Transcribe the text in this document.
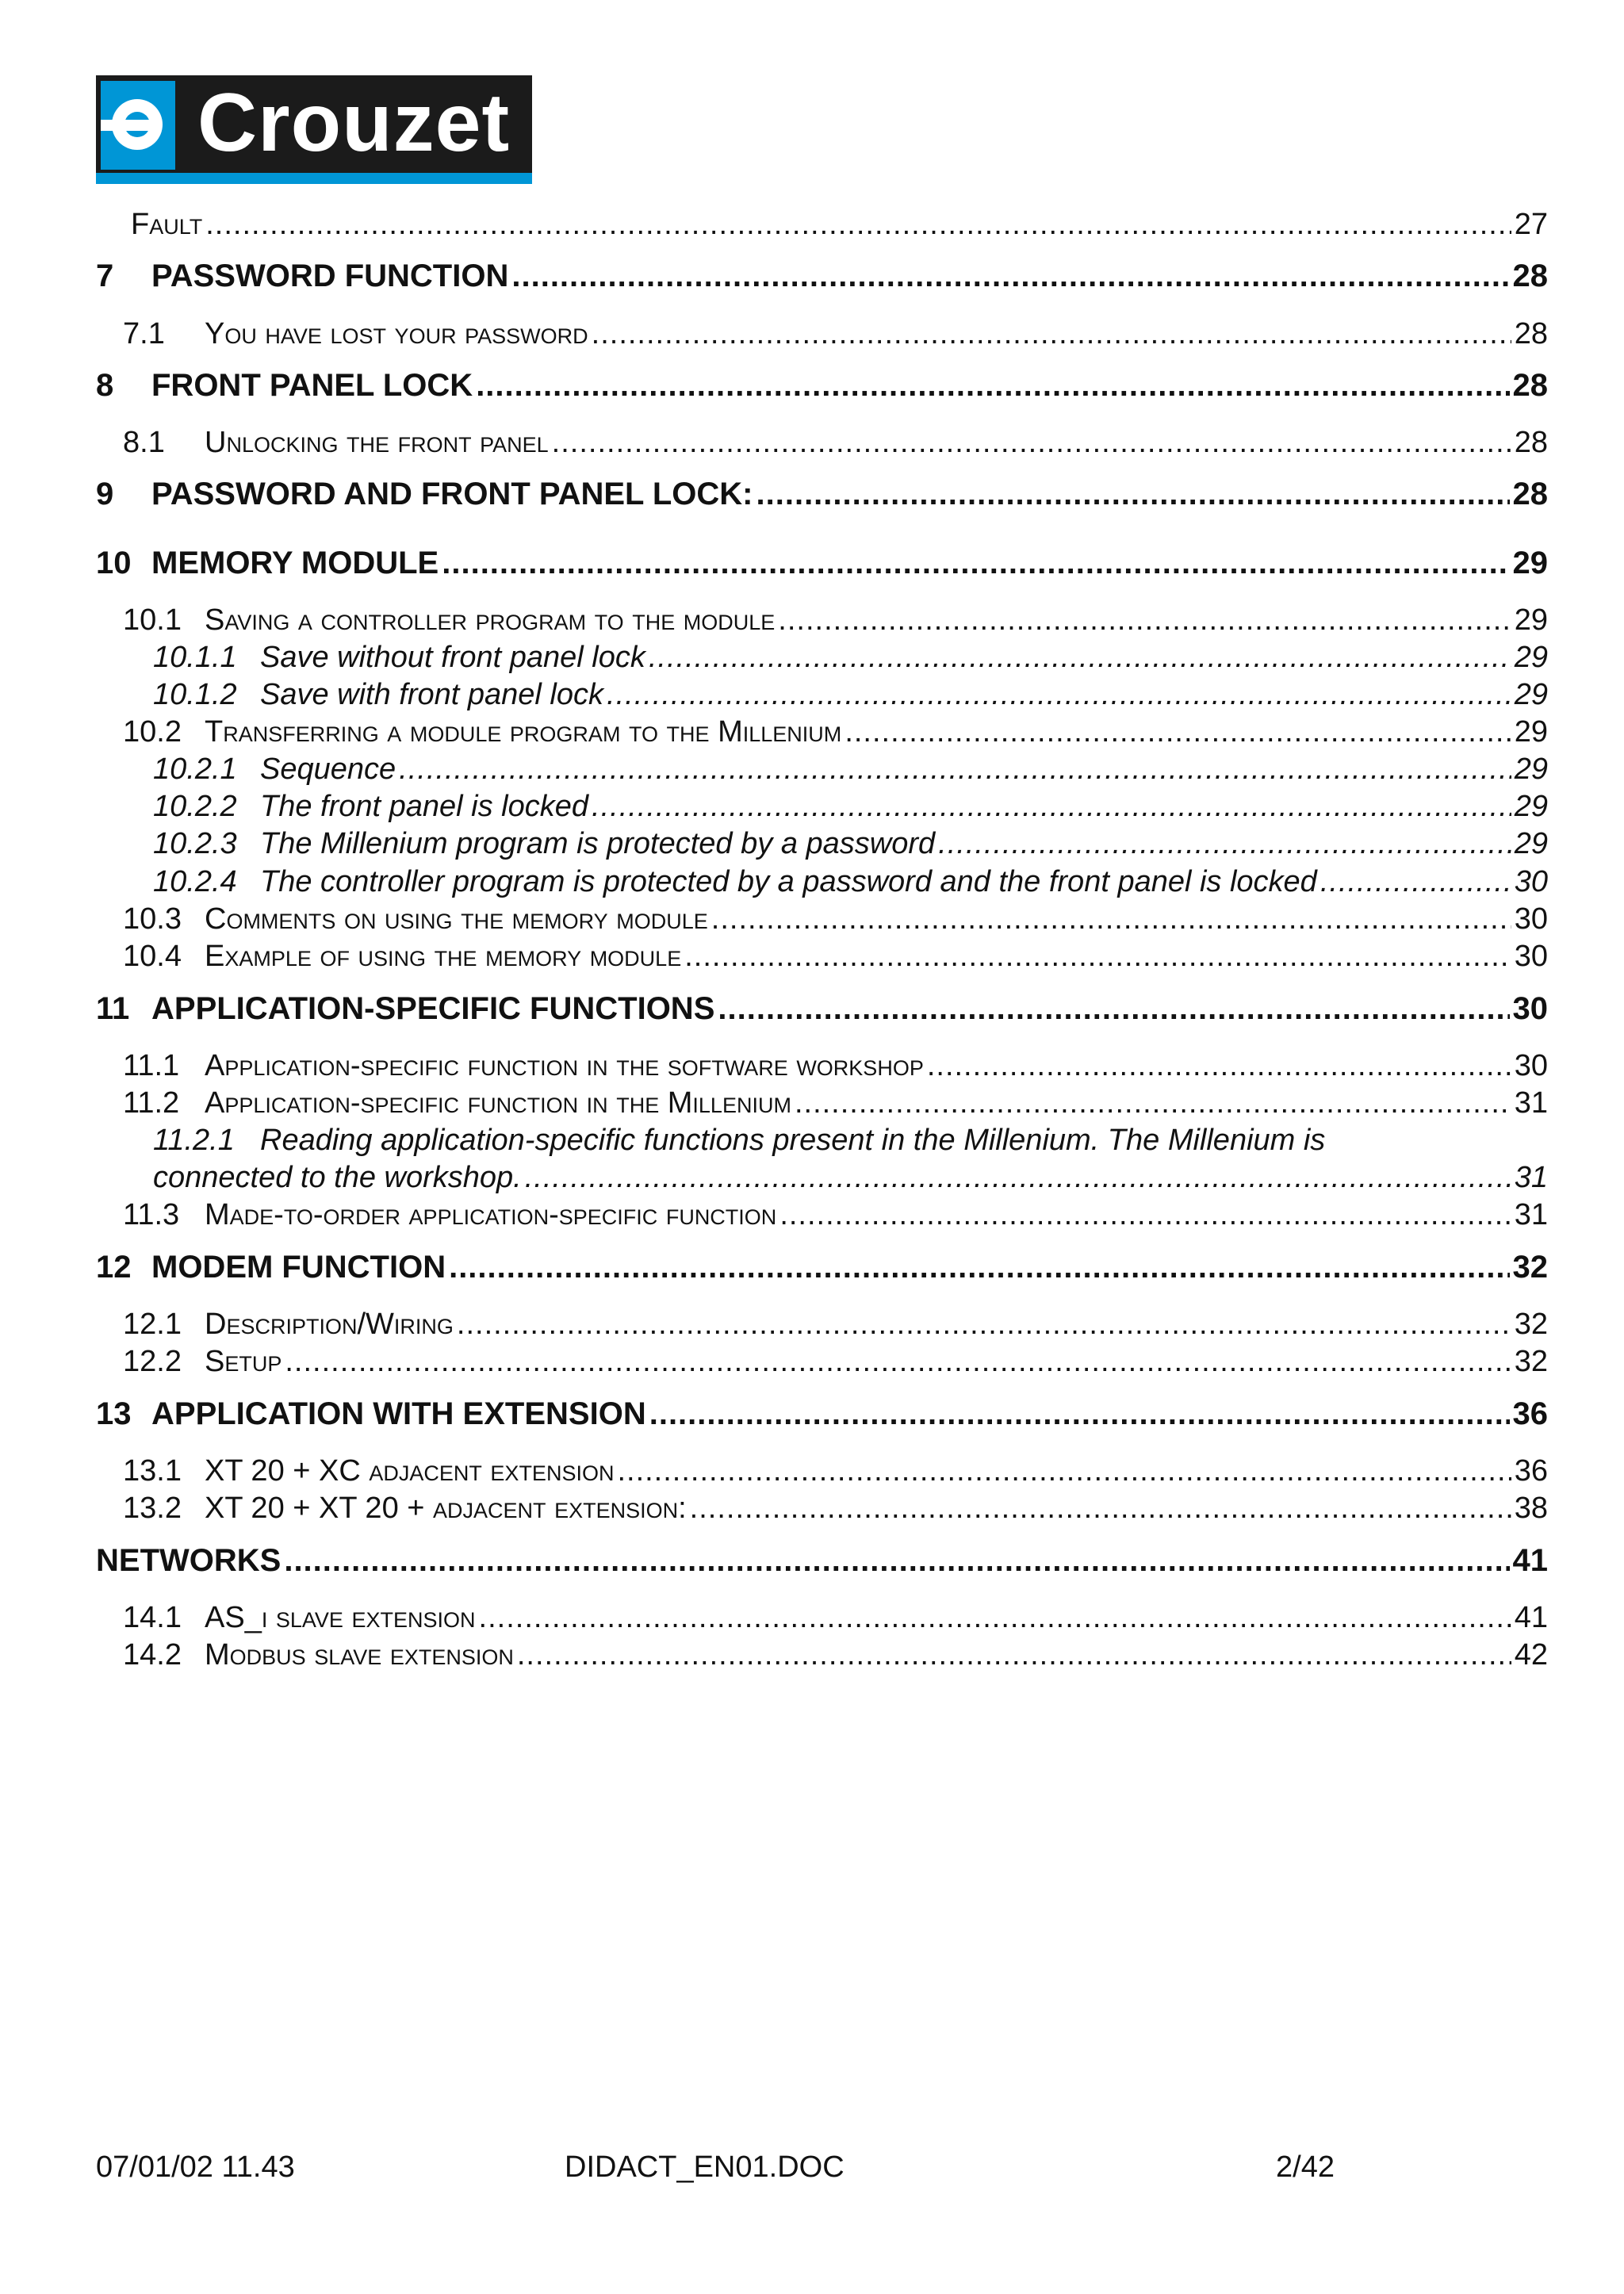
Crouzet
Fault .....	27
7	PASSWORD FUNCTION .....	28
7.1	You have lost your password .....	28
8	FRONT PANEL LOCK .....	28
8.1	Unlocking the front panel .....	28
9	PASSWORD AND FRONT PANEL LOCK: .....	28
10 MEMORY MODULE .....	29
10.1 Saving a controller program to the module .....	29
10.1.1 Save without front panel lock .....	29
10.1.2 Save with front panel lock .....	29
10.2 Transferring a module program to the Millenium .....	29
10.2.1 Sequence .....	29
10.2.2 The front panel is locked .....	29
10.2.3 The Millenium program is protected by a password .....	29
10.2.4 The controller program is protected by a password and the front panel is locked .....	30
10.3 Comments on using the memory module .....	30
10.4 Example of using the memory module .....	30
11 APPLICATION-SPECIFIC FUNCTIONS .....	30
11.1 Application-specific function in the software workshop .....	30
11.2 Application-specific function in the Millenium .....	31
11.2.1 Reading application-specific functions present in the Millenium. The Millenium is
connected to the workshop. .....	31
11.3 Made-to-order application-specific function .....	31
12 MODEM FUNCTION .....	32
12.1 Description/Wiring .....	32
12.2 Setup .....	32
13 APPLICATION WITH EXTENSION .....	36
13.1 XT 20 + XC adjacent extension .....	36
13.2 XT 20 + XT 20 + adjacent extension: .....	38
NETWORKS .....	41
14.1 AS_i slave extension .....	41
14.2 Modbus slave extension .....	42
07/01/02 11.43	DIDACT_EN01.DOC	2/42
